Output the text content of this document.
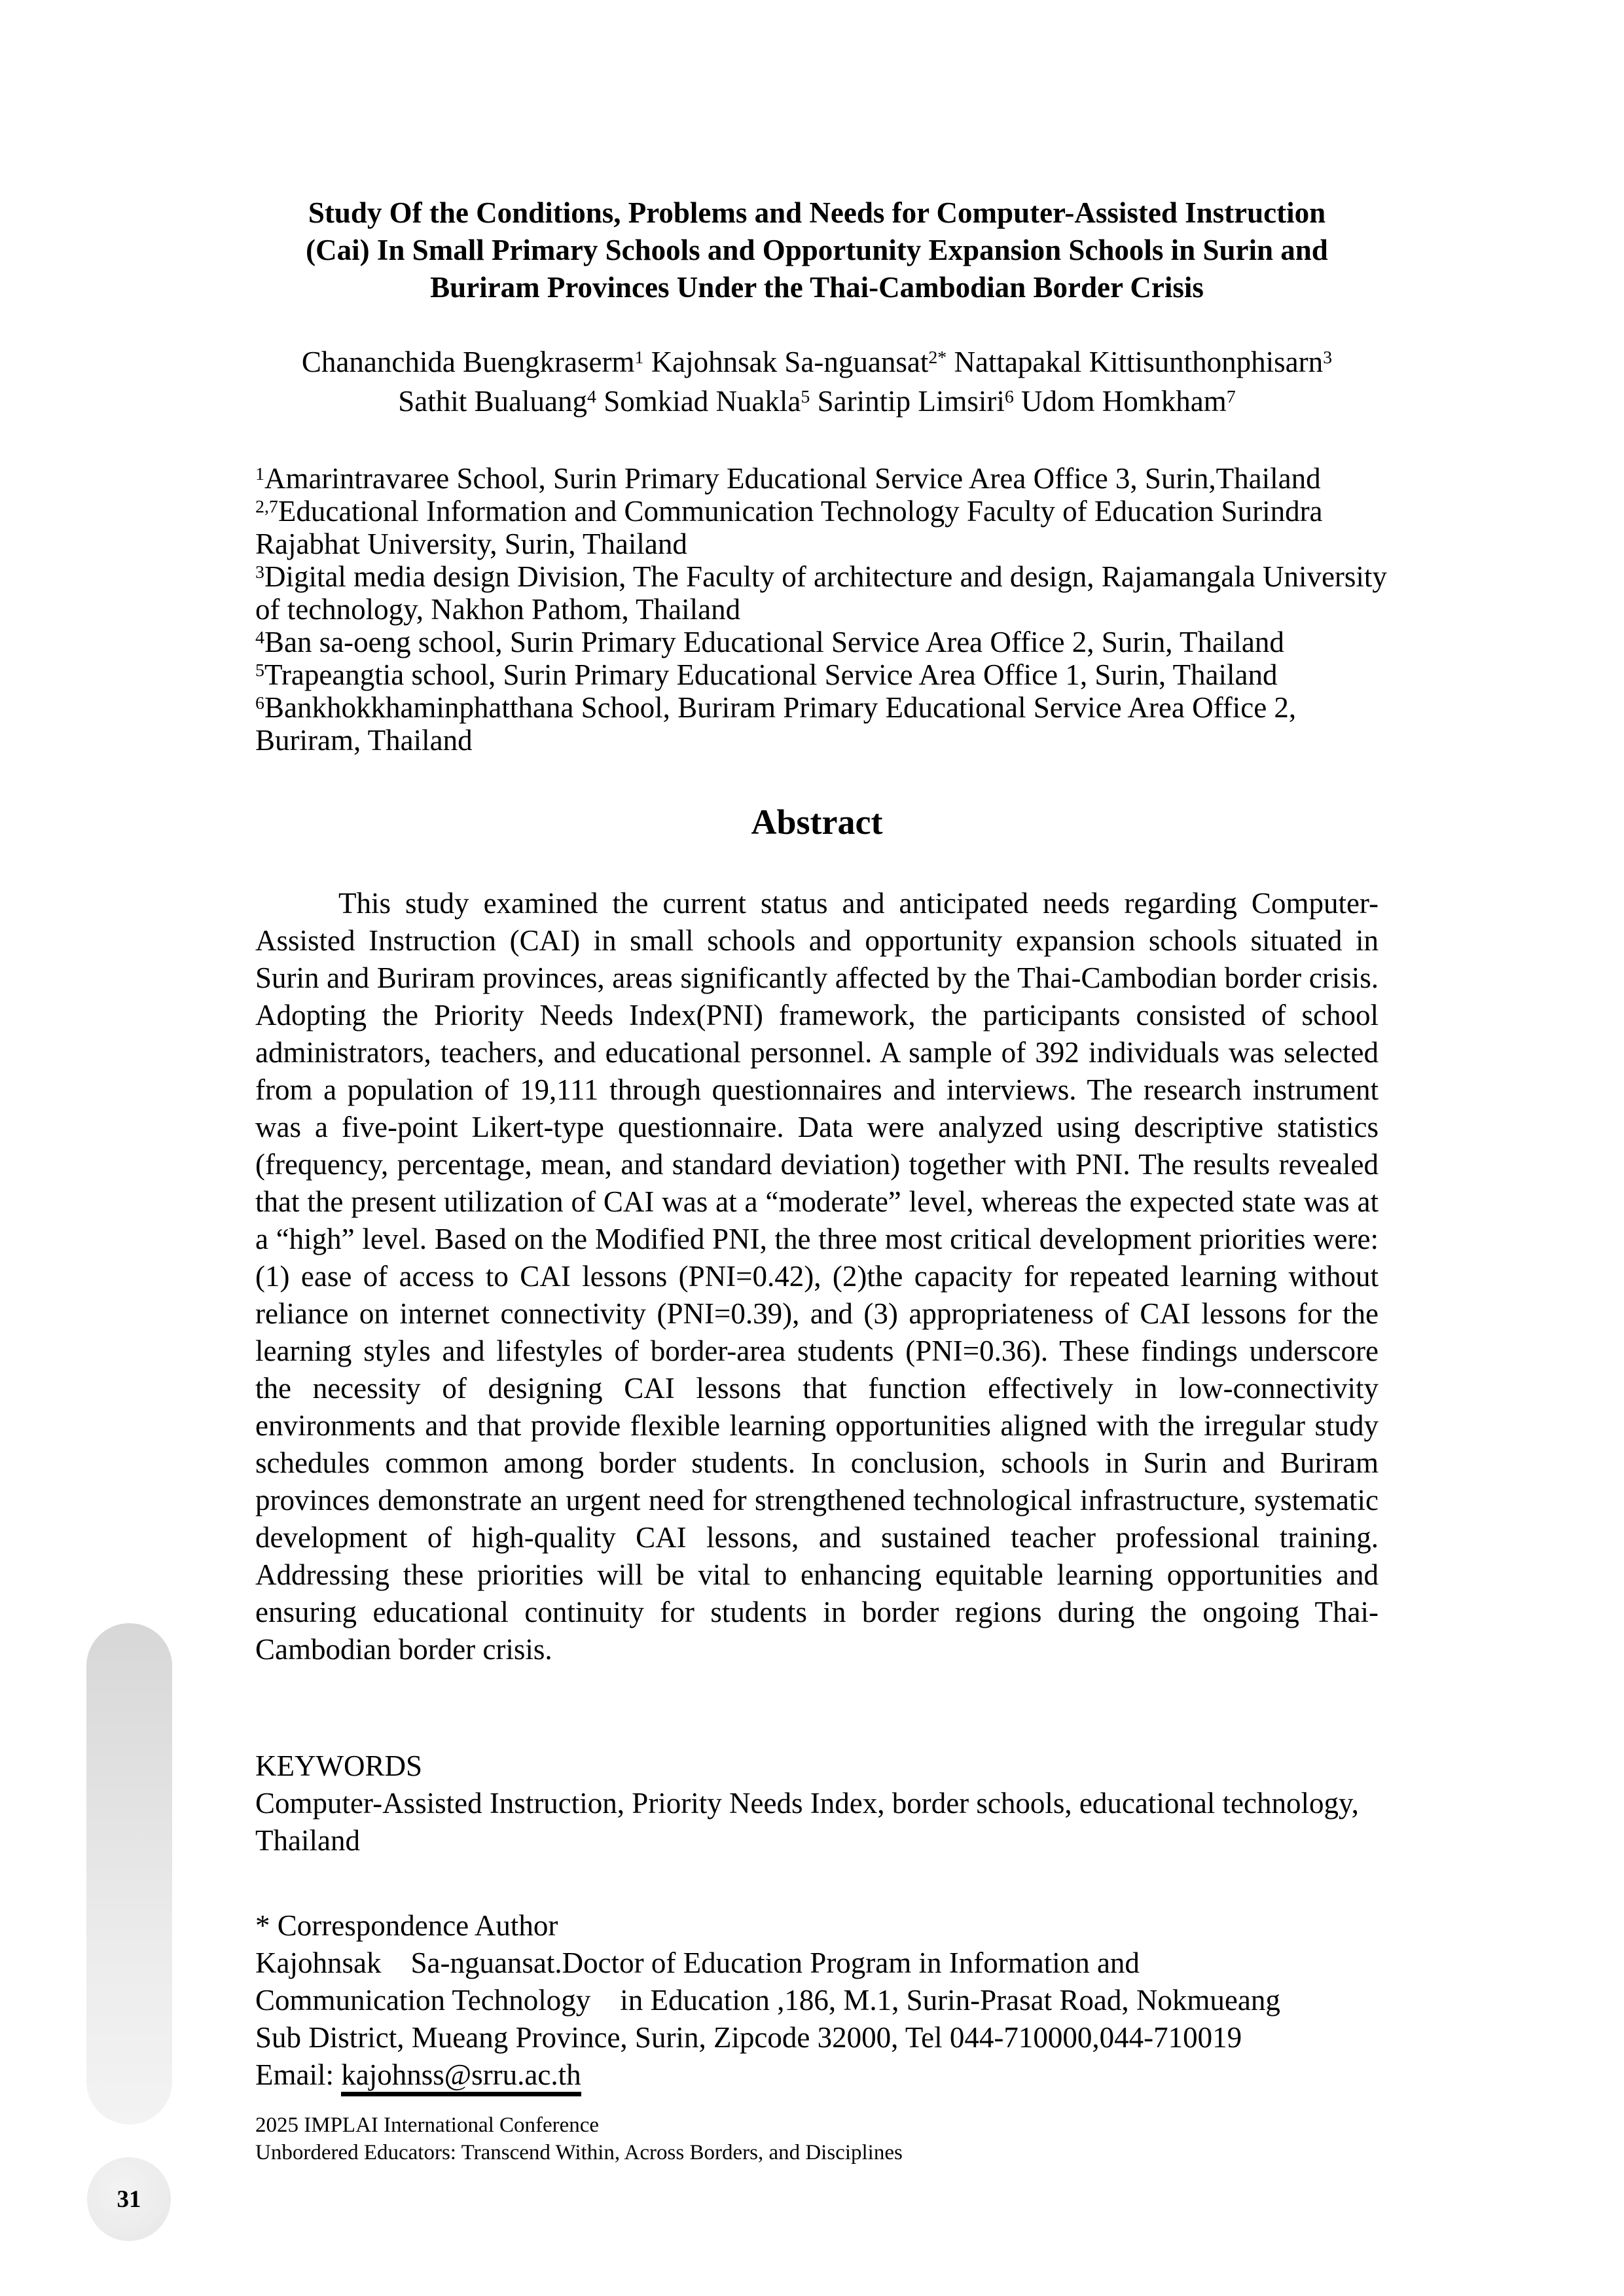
31
Study Of the Conditions, Problems and Needs for Computer-Assisted Instruction
(Cai) In Small Primary Schools and Opportunity Expansion Schools in Surin and
Buriram Provinces Under the Thai-Cambodian Border Crisis
Chananchida Buengkraserm$^1$ Kajohnsak Sa-nguansat$^{2*}$ Nattapakal Kittisunthonphisarn$^3$
Sathit Bualuang$^4$ Somkiad Nuakla$^5$ Sarintip Limsiri$^6$ Udom Homkham$^7$
$^1$Amarintravaree School, Surin Primary Educational Service Area Office 3, Surin,Thailand
$^{2,7}$Educational Information and Communication Technology Faculty of Education Surindra Rajabhat University, Surin, Thailand
$^3$Digital media design Division, The Faculty of architecture and design, Rajamangala University of technology, Nakhon Pathom, Thailand
$^4$Ban sa-oeng school, Surin Primary Educational Service Area Office 2, Surin, Thailand
$^5$Trapeangtia school, Surin Primary Educational Service Area Office 1, Surin, Thailand
$^6$Bankhokkhaminphatthana School, Buriram Primary Educational Service Area Office 2, Buriram, Thailand
Abstract
This study examined the current status and anticipated needs regarding Computer-Assisted Instruction (CAI) in small schools and opportunity expansion schools situated in Surin and Buriram provinces, areas significantly affected by the Thai-Cambodian border crisis. Adopting the Priority Needs Index(PNI) framework, the participants consisted of school administrators, teachers, and educational personnel. A sample of 392 individuals was selected from a population of 19,111 through questionnaires and interviews. The research instrument was a five-point Likert-type questionnaire. Data were analyzed using descriptive statistics (frequency, percentage, mean, and standard deviation) together with PNI. The results revealed that the present utilization of CAI was at a “moderate” level, whereas the expected state was at a “high” level. Based on the Modified PNI, the three most critical development priorities were: (1) ease of access to CAI lessons (PNI=0.42), (2)the capacity for repeated learning without reliance on internet connectivity (PNI=0.39), and (3) appropriateness of CAI lessons for the learning styles and lifestyles of border-area students (PNI=0.36). These findings underscore the necessity of designing CAI lessons that function effectively in low-connectivity environments and that provide flexible learning opportunities aligned with the irregular study schedules common among border students. In conclusion, schools in Surin and Buriram provinces demonstrate an urgent need for strengthened technological infrastructure, systematic development of high-quality CAI lessons, and sustained teacher professional training. Addressing these priorities will be vital to enhancing equitable learning opportunities and ensuring educational continuity for students in border regions during the ongoing Thai-Cambodian border crisis.
KEYWORDS
Computer-Assisted Instruction, Priority Needs Index, border schools, educational technology, Thailand
* Correspondence Author
Kajohnsak    Sa-nguansat.Doctor of Education Program in Information and
Communication Technology    in Education ,186, M.1, Surin-Prasat Road, Nokmueang
Sub District, Mueang Province, Surin, Zipcode 32000, Tel 044-710000,044-710019
Email: kajohnss@srru.ac.th
2025 IMPLAI International Conference
Unbordered Educators: Transcend Within, Across Borders, and Disciplines
